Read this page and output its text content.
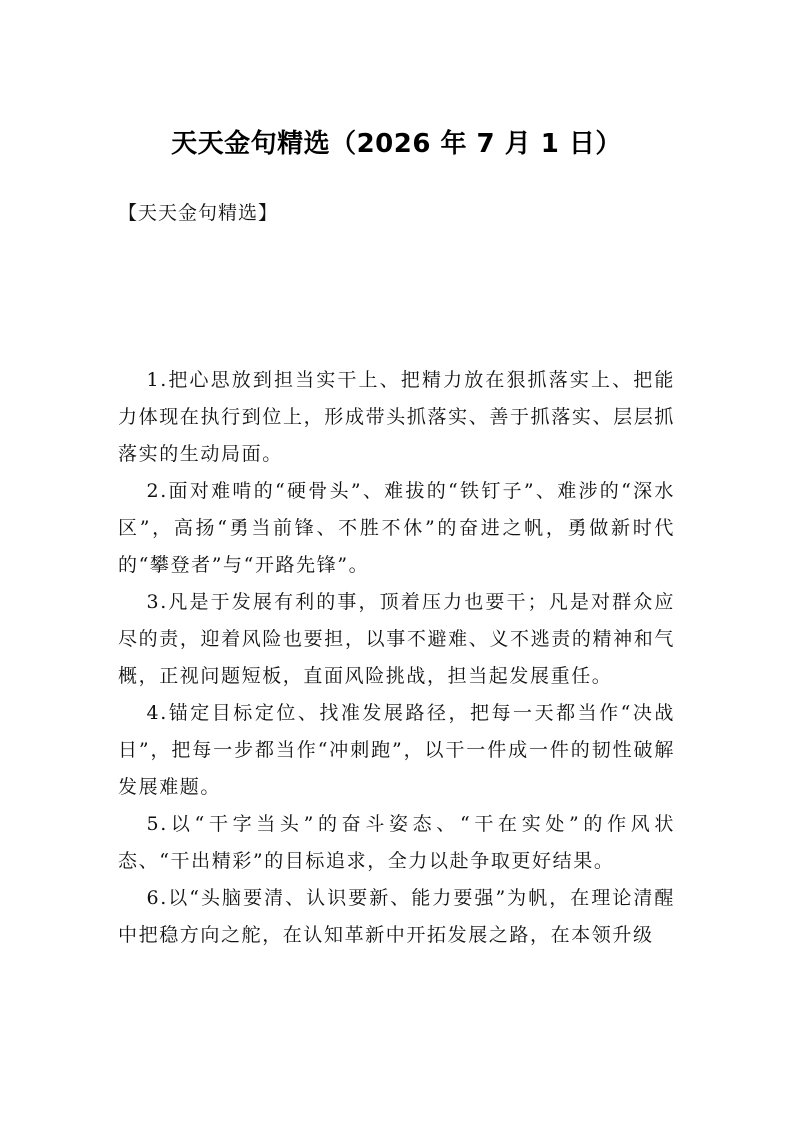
天天金句精选（2026 年 7 月 1 日）
【天天金句精选】

1.把心思放到担当实干上、把精力放在狠抓落实上、把能力体现在执行到位上，形成带头抓落实、善于抓落实、层层抓落实的生动局面。

2.面对难啃的“硬骨头”、难拔的“铁钉子”、难涉的“深水区”，高扬“勇当前锋、不胜不休”的奋进之帆，勇做新时代的“攀登者”与“开路先锋”。

3.凡是于发展有利的事，顶着压力也要干；凡是对群众应尽的责，迎着风险也要担，以事不避难、义不逃责的精神和气概，正视问题短板，直面风险挑战，担当起发展重任。

4.锚定目标定位、找准发展路径，把每一天都当作“决战日”，把每一步都当作“冲刺跑”，以干一件成一件的韧性破解发展难题。

5.以“干字当头”的奋斗姿态、“干在实处”的作风状态、“干出精彩”的目标追求，全力以赴争取更好结果。

6.以“头脑要清、认识要新、能力要强”为帆，在理论清醒中把稳方向之舵，在认知革新中开拓发展之路，在本领升级
